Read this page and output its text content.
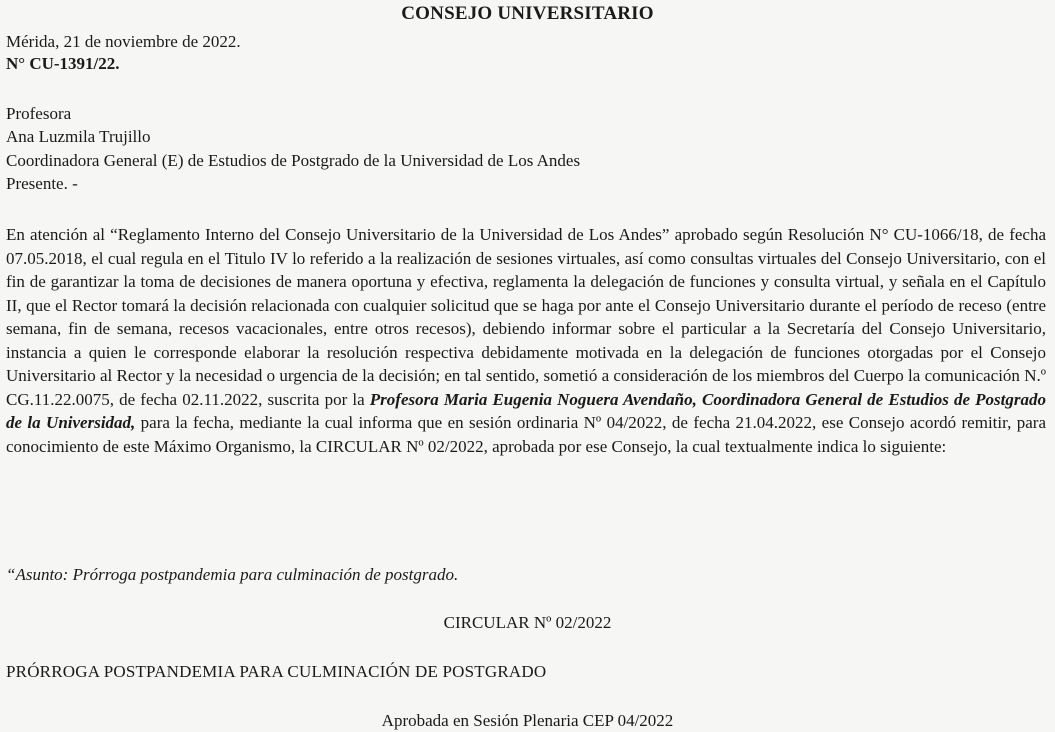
CONSEJO UNIVERSITARIO
Mérida, 21 de noviembre de 2022.
N° CU-1391/22.
Profesora
Ana Luzmila Trujillo
Coordinadora General (E) de Estudios de Postgrado de la Universidad de Los Andes
Presente. -
En atención al “Reglamento Interno del Consejo Universitario de la Universidad de Los Andes” aprobado según Resolución N° CU-1066/18, de fecha 07.05.2018, el cual regula en el Titulo IV lo referido a la realización de sesiones virtuales, así como consultas virtuales del Consejo Universitario, con el fin de garantizar la toma de decisiones de manera oportuna y efectiva, reglamenta la delegación de funciones y consulta virtual, y señala en el Capítulo II, que el Rector tomará la decisión relacionada con cualquier solicitud que se haga por ante el Consejo Universitario durante el período de receso (entre semana, fin de semana, recesos vacacionales, entre otros recesos), debiendo informar sobre el particular a la Secretaría del Consejo Universitario, instancia a quien le corresponde elaborar la resolución respectiva debidamente motivada en la delegación de funciones otorgadas por el Consejo Universitario al Rector y la necesidad o urgencia de la decisión; en tal sentido, sometió a consideración de los miembros del Cuerpo la comunicación N.º CG.11.22.0075, de fecha 02.11.2022, suscrita por la Profesora Maria Eugenia Noguera Avendaño, Coordinadora General de Estudios de Postgrado de la Universidad, para la fecha, mediante la cual informa que en sesión ordinaria Nº 04/2022, de fecha 21.04.2022, ese Consejo acordó remitir, para conocimiento de este Máximo Organismo, la CIRCULAR Nº 02/2022, aprobada por ese Consejo, la cual textualmente indica lo siguiente:
“Asunto: Prórroga postpandemia para culminación de postgrado.
CIRCULAR Nº 02/2022
PRÓRROGA POSTPANDEMIA PARA CULMINACIÓN DE POSTGRADO
Aprobada en Sesión Plenaria CEP 04/2022
